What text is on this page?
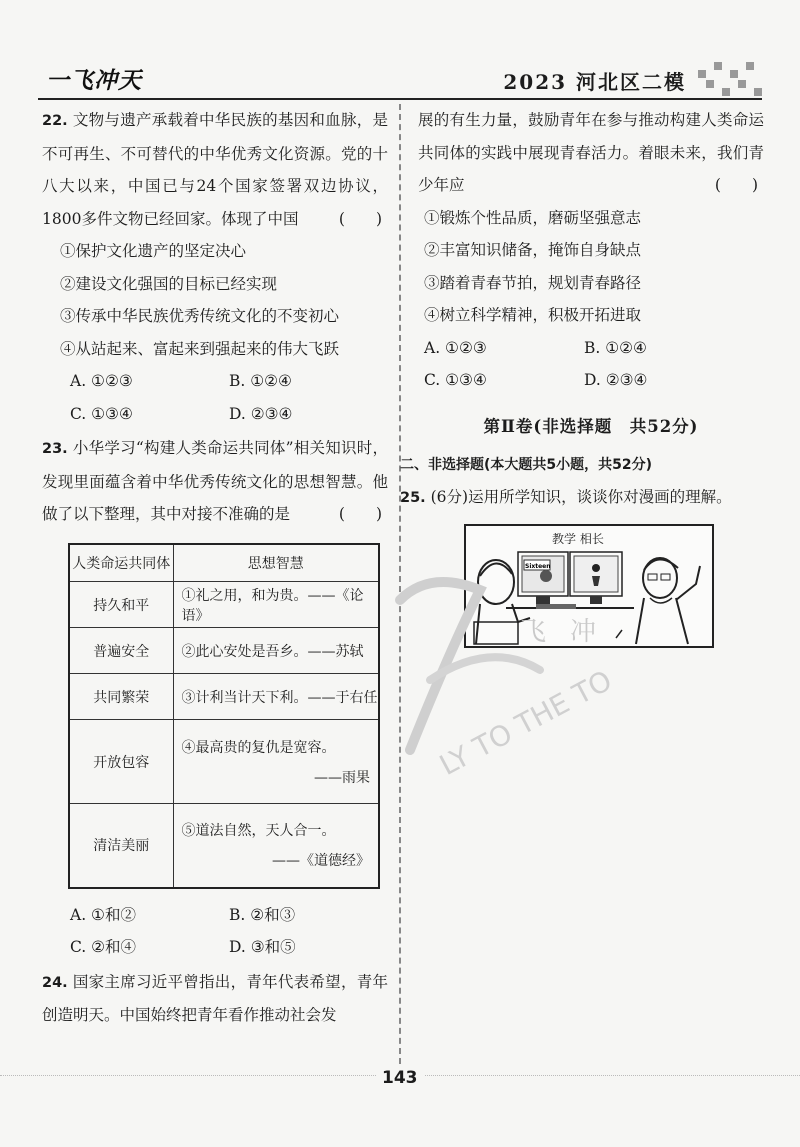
一飞冲天	2023 河北区二模
22. 文物与遗产承载着中华民族的基因和血脉，是不可再生、不可替代的中华优秀文化资源。党的十八大以来，中国已与24个国家签署双边协议，1800多件文物已经回家。体现了中国	(　　)
①保护文化遗产的坚定决心
②建设文化强国的目标已经实现
③传承中华民族优秀传统文化的不变初心
④从站起来、富起来到强起来的伟大飞跃
A. ①②③	B. ①②④
C. ①③④	D. ②③④
23. 小华学习“构建人类命运共同体”相关知识时，发现里面蕴含着中华优秀传统文化的思想智慧。他做了以下整理，其中对接不准确的是	(　　)
人类命运共同体	思想智慧
持久和平	①礼之用，和为贵。——《论语》
普遍安全	②此心安处是吾乡。——苏轼
共同繁荣	③计利当计天下利。——于右任
开放包容	④最高贵的复仇是宽容。
——雨果

清洁美丽	⑤道法自然，天人合一。
——《道德经》
A. ①和②	B. ②和③
C. ②和④	D. ③和⑤
24. 国家主席习近平曾指出，青年代表希望，青年创造明天。中国始终把青年看作推动社会发
展的有生力量，鼓励青年在参与推动构建人类命运共同体的实践中展现青春活力。着眼未来，我们青少年应	(　　)
①锻炼个性品质，磨砺坚强意志
②丰富知识储备，掩饰自身缺点
③踏着青春节拍，规划青春路径
④树立科学精神，积极开拓进取
A. ①②③	B. ①②④
C. ①③④	D. ②③④
第Ⅱ卷(非选择题　共52分)
二、非选择题(本大题共5小题，共52分)
25. (6分)运用所学知识，谈谈你对漫画的理解。
教学 相长
Sixteen
飞冲
LY TO THE TO
143
